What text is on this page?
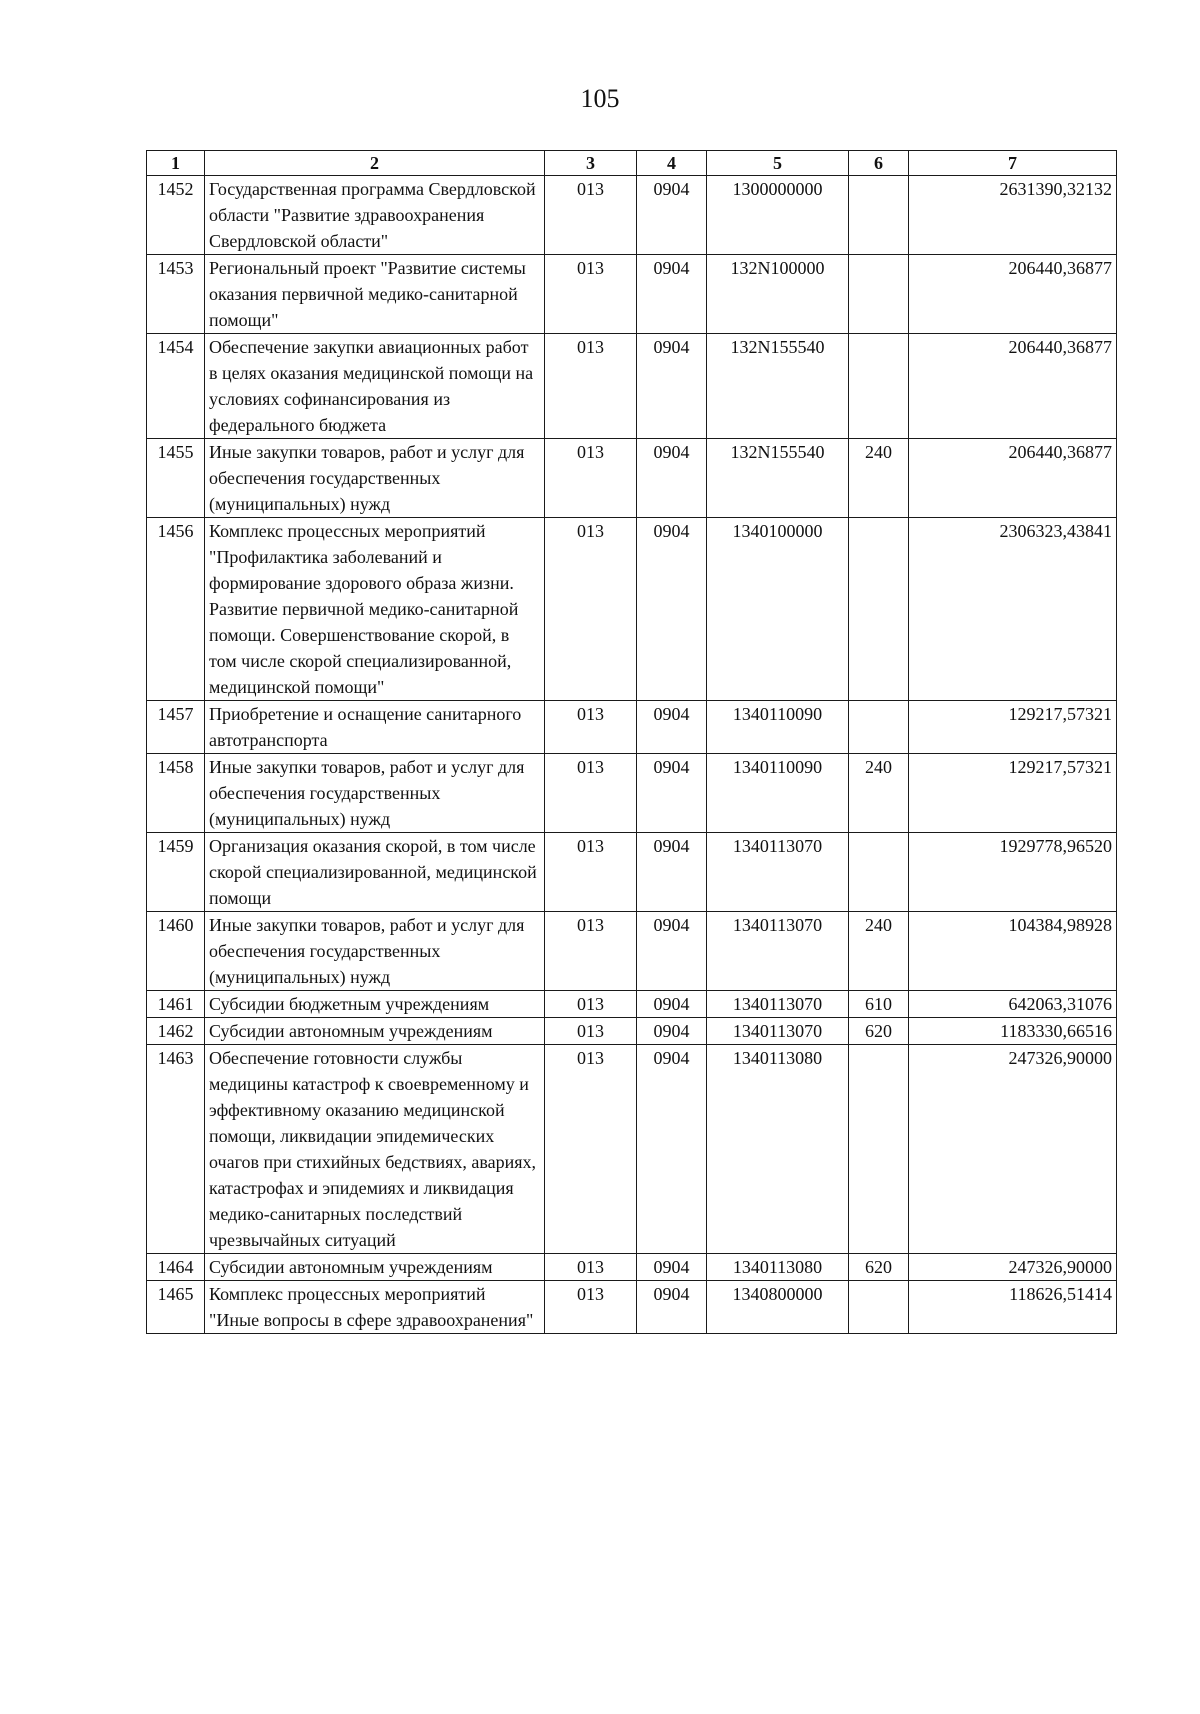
105
1	2	3	4	5	6	7
1452	Государственная программа Свердловской области "Развитие здравоохранения Свердловской области"	013	0904	1300000000		2631390,32132
1453	Региональный проект "Развитие системы оказания первичной медико-санитарной помощи"	013	0904	132N100000		206440,36877
1454	Обеспечение закупки авиационных работ в целях оказания медицинской помощи на условиях софинансирования из федерального бюджета	013	0904	132N155540		206440,36877
1455	Иные закупки товаров, работ и услуг для обеспечения государственных (муниципальных) нужд	013	0904	132N155540	240	206440,36877
1456	Комплекс процессных мероприятий "Профилактика заболеваний и формирование здорового образа жизни. Развитие первичной медико-санитарной помощи. Совершенствование скорой, в том числе скорой специализированной, медицинской помощи"	013	0904	1340100000		2306323,43841
1457	Приобретение и оснащение санитарного автотранспорта	013	0904	1340110090		129217,57321
1458	Иные закупки товаров, работ и услуг для обеспечения государственных (муниципальных) нужд	013	0904	1340110090	240	129217,57321
1459	Организация оказания скорой, в том числе скорой специализированной, медицинской помощи	013	0904	1340113070		1929778,96520
1460	Иные закупки товаров, работ и услуг для обеспечения государственных (муниципальных) нужд	013	0904	1340113070	240	104384,98928
1461	Субсидии бюджетным учреждениям	013	0904	1340113070	610	642063,31076
1462	Субсидии автономным учреждениям	013	0904	1340113070	620	1183330,66516
1463	Обеспечение готовности службы медицины катастроф к своевременному и эффективному оказанию медицинской помощи, ликвидации эпидемических очагов при стихийных бедствиях, авариях, катастрофах и эпидемиях и ликвидация медико-санитарных последствий чрезвычайных ситуаций	013	0904	1340113080		247326,90000
1464	Субсидии автономным учреждениям	013	0904	1340113080	620	247326,90000
1465	Комплекс процессных мероприятий "Иные вопросы в сфере здравоохранения"	013	0904	1340800000		118626,51414
